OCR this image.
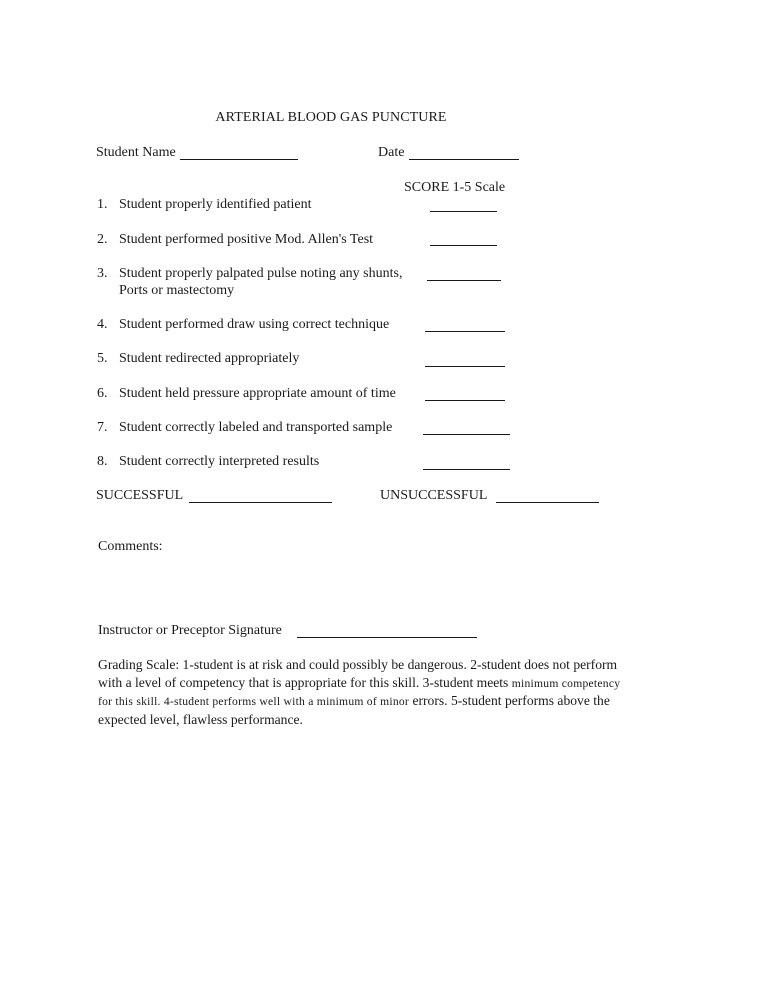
ARTERIAL BLOOD GAS PUNCTURE
Student Name	Date
SCORE 1-5 Scale
1. Student properly identified patient
2. Student performed positive Mod. Allen's Test
3. Student properly palpated pulse noting any shunts,
Ports or mastectomy
4. Student performed draw using correct technique
5. Student redirected appropriately
6. Student held pressure appropriate amount of time
7. Student correctly labeled and transported sample
8. Student correctly interpreted results
SUCCESSFUL	UNSUCCESSFUL
Comments:
Instructor or Preceptor Signature
Grading Scale: 1-student is at risk and could possibly be dangerous. 2-student does not perform with a level of competency that is appropriate for this skill. 3-student meets minimum competency for this skill. 4-student performs well with a minimum of minor errors. 5-student performs above the expected level, flawless performance.
